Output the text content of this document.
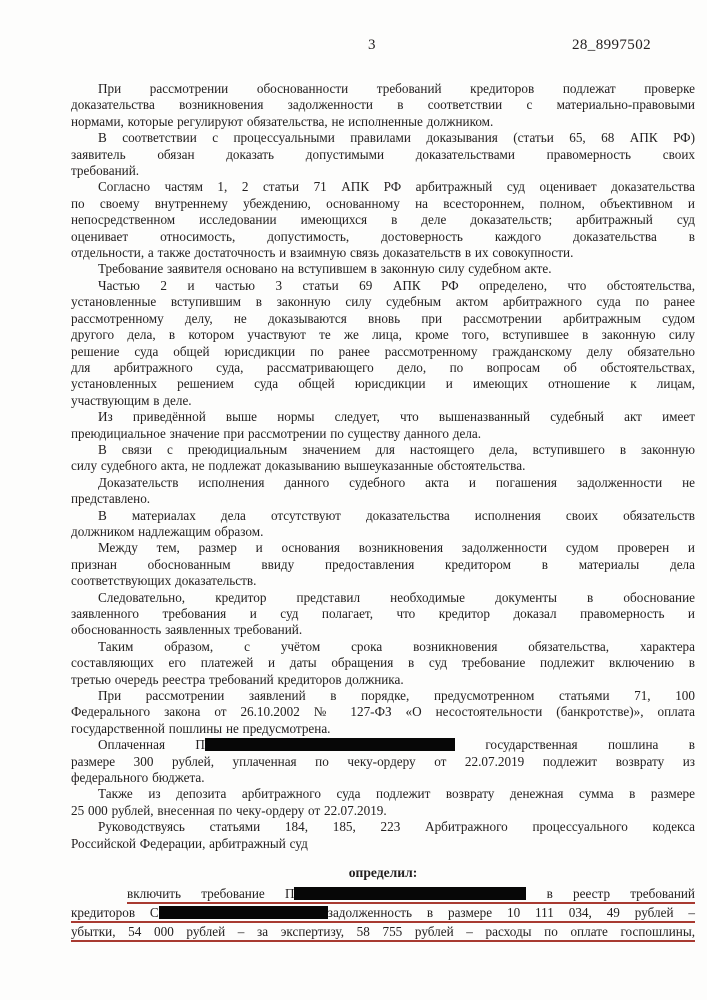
3	28_8997502
При рассмотрении обоснованности требований кредиторов подлежат проверке
доказательства возникновения задолженности в соответствии с материально-правовыми
нормами, которые регулируют обязательства, не исполненные должником.
В соответствии с процессуальными правилами доказывания (статьи 65, 68 АПК РФ)
заявитель обязан доказать допустимыми доказательствами правомерность своих
требований.
Согласно частям 1, 2 статьи 71 АПК РФ арбитражный суд оценивает доказательства
по своему внутреннему убеждению, основанному на всестороннем, полном, объективном и
непосредственном исследовании имеющихся в деле доказательств; арбитражный суд
оценивает относимость, допустимость, достоверность каждого доказательства в
отдельности, а также достаточность и взаимную связь доказательств в их совокупности.
Требование заявителя основано на вступившем в законную силу судебном акте.
Частью 2 и частью 3 статьи 69 АПК РФ определено, что обстоятельства,
установленные вступившим в законную силу судебным актом арбитражного суда по ранее
рассмотренному делу, не доказываются вновь при рассмотрении арбитражным судом
другого дела, в котором участвуют те же лица, кроме того, вступившее в законную силу
решение суда общей юрисдикции по ранее рассмотренному гражданскому делу обязательно
для арбитражного суда, рассматривающего дело, по вопросам об обстоятельствах,
установленных решением суда общей юрисдикции и имеющих отношение к лицам,
участвующим в деле.
Из приведённой выше нормы следует, что вышеназванный судебный акт имеет
преюдициальное значение при рассмотрении по существу данного дела.
В связи с преюдициальным значением для настоящего дела, вступившего в законную
силу судебного акта, не подлежат доказыванию вышеуказанные обстоятельства.
Доказательств исполнения данного судебного акта и погашения задолженности не
представлено.
В материалах дела отсутствуют доказательства исполнения своих обязательств
должником надлежащим образом.
Между тем, размер и основания возникновения задолженности судом проверен и
признан обоснованным ввиду предоставления кредитором в материалы дела
соответствующих доказательств.
Следовательно, кредитор представил необходимые документы в обоснование
заявленного требования и суд полагает, что кредитор доказал правомерность и
обоснованность заявленных требований.
Таким образом, с учётом срока возникновения обязательства, характера
составляющих его платежей и даты обращения в суд требование подлежит включению в
третью очередь реестра требований кредиторов должника.
При рассмотрении заявлений в порядке, предусмотренном статьями 71, 100
Федерального закона от 26.10.2002 № 127-ФЗ «О несостоятельности (банкротстве)», оплата
государственной пошлины не предусмотрена.
Оплаченная П	государственная пошлина в
размере 300 рублей, уплаченная по чеку-ордеру от 22.07.2019 подлежит возврату из
федерального бюджета.
Также из депозита арбитражного суда подлежит возврату денежная сумма в размере
25 000 рублей, внесенная по чеку-ордеру от 22.07.2019.
Руководствуясь статьями 184, 185, 223 Арбитражного процессуального кодекса
Российской Федерации, арбитражный суд
определил:
включить требование П	в реестр требований
кредиторов С	задолженность в размере 10 111 034, 49 рублей –
убытки, 54 000 рублей – за экспертизу, 58 755 рублей – расходы по оплате госпошлины,
